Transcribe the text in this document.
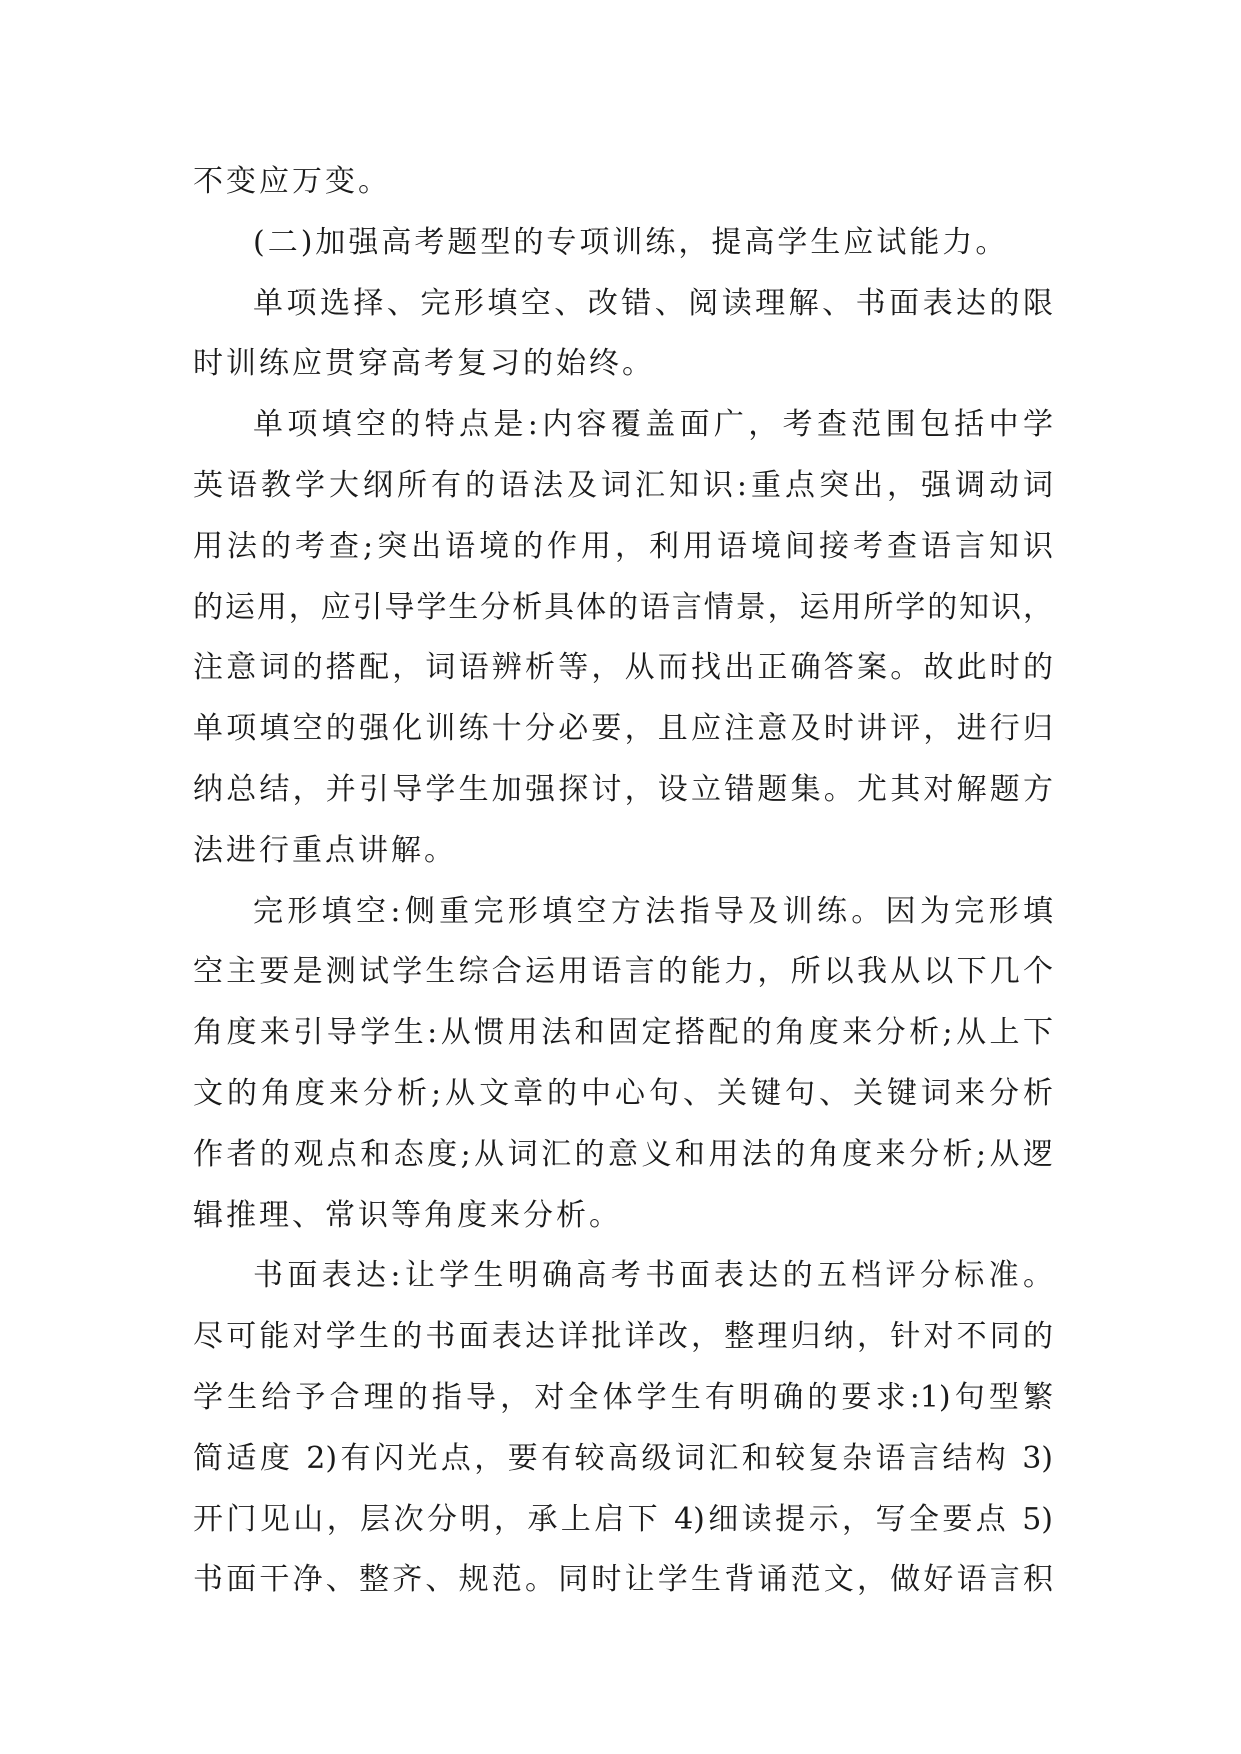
不变应万变。
(二)加强高考题型的专项训练，提高学生应试能力。
单项选择、完形填空、改错、阅读理解、书面表达的限
时训练应贯穿高考复习的始终。
单项填空的特点是:内容覆盖面广，考查范围包括中学
英语教学大纲所有的语法及词汇知识:重点突出，强调动词
用法的考查;突出语境的作用，利用语境间接考查语言知识
的运用，应引导学生分析具体的语言情景，运用所学的知识，
注意词的搭配，词语辨析等，从而找出正确答案。故此时的
单项填空的强化训练十分必要，且应注意及时讲评，进行归
纳总结，并引导学生加强探讨，设立错题集。尤其对解题方
法进行重点讲解。
完形填空:侧重完形填空方法指导及训练。因为完形填
空主要是测试学生综合运用语言的能力，所以我从以下几个
角度来引导学生:从惯用法和固定搭配的角度来分析;从上下
文的角度来分析;从文章的中心句、关键句、关键词来分析
作者的观点和态度;从词汇的意义和用法的角度来分析;从逻
辑推理、常识等角度来分析。
书面表达:让学生明确高考书面表达的五档评分标准。
尽可能对学生的书面表达详批详改，整理归纳，针对不同的
学生给予合理的指导，对全体学生有明确的要求:1)句型繁
简适度 2)有闪光点，要有较高级词汇和较复杂语言结构 3)
开门见山，层次分明，承上启下 4)细读提示，写全要点 5)
书面干净、整齐、规范。同时让学生背诵范文，做好语言积
